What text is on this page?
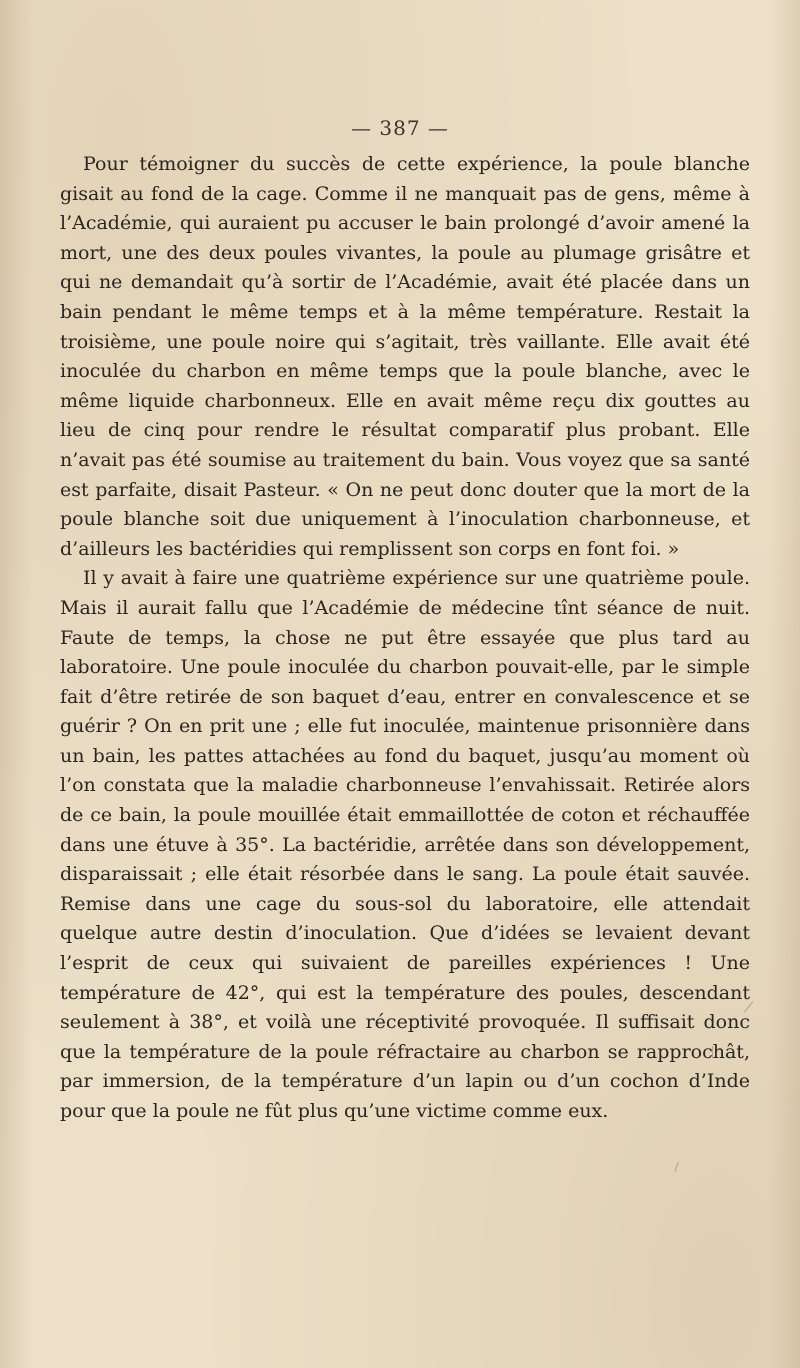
— 387 —

Pour témoigner du succès de cette expérience, la poule blanche gisait au fond de la cage. Comme il ne manquait pas de gens, même à l’Académie, qui auraient pu accuser le bain prolongé d’avoir amené la mort, une des deux poules vivantes, la poule au plumage grisâtre et qui ne demandait qu’à sortir de l’Académie, avait été placée dans un bain pendant le même temps et à la même température. Restait la troisième, une poule noire qui s’agitait, très vaillante. Elle avait été inoculée du charbon en même temps que la poule blanche, avec le même liquide charbonneux. Elle en avait même reçu dix gouttes au lieu de cinq pour rendre le résultat comparatif plus probant. Elle n’avait pas été soumise au traitement du bain. Vous voyez que sa santé est parfaite, disait Pasteur. « On ne peut donc douter que la mort de la poule blanche soit due uniquement à l’inoculation charbonneuse, et d’ailleurs les bactéridies qui remplissent son corps en font foi. »

Il y avait à faire une quatrième expérience sur une quatrième poule. Mais il aurait fallu que l’Académie de médecine tînt séance de nuit. Faute de temps, la chose ne put être essayée que plus tard au laboratoire. Une poule inoculée du charbon pouvait-elle, par le simple fait d’être retirée de son baquet d’eau, entrer en convalescence et se guérir ? On en prit une ; elle fut inoculée, maintenue prisonnière dans un bain, les pattes attachées au fond du baquet, jusqu’au moment où l’on constata que la maladie charbonneuse l’envahissait. Retirée alors de ce bain, la poule mouillée était emmaillottée de coton et réchauffée dans une étuve à 35°. La bactéridie, arrêtée dans son développement, disparaissait ; elle était résorbée dans le sang. La poule était sauvée. Remise dans une cage du sous-sol du laboratoire, elle attendait quelque autre destin d’inoculation. Que d’idées se levaient devant l’esprit de ceux qui suivaient de pareilles expériences ! Une température de 42°, qui est la température des poules, descendant seulement à 38°, et voilà une réceptivité provoquée. Il suffisait donc que la température de la poule réfractaire au charbon se rapprochât, par immersion, de la température d’un lapin ou d’un cochon d’Inde pour que la poule ne fût plus qu’une victime comme eux.
